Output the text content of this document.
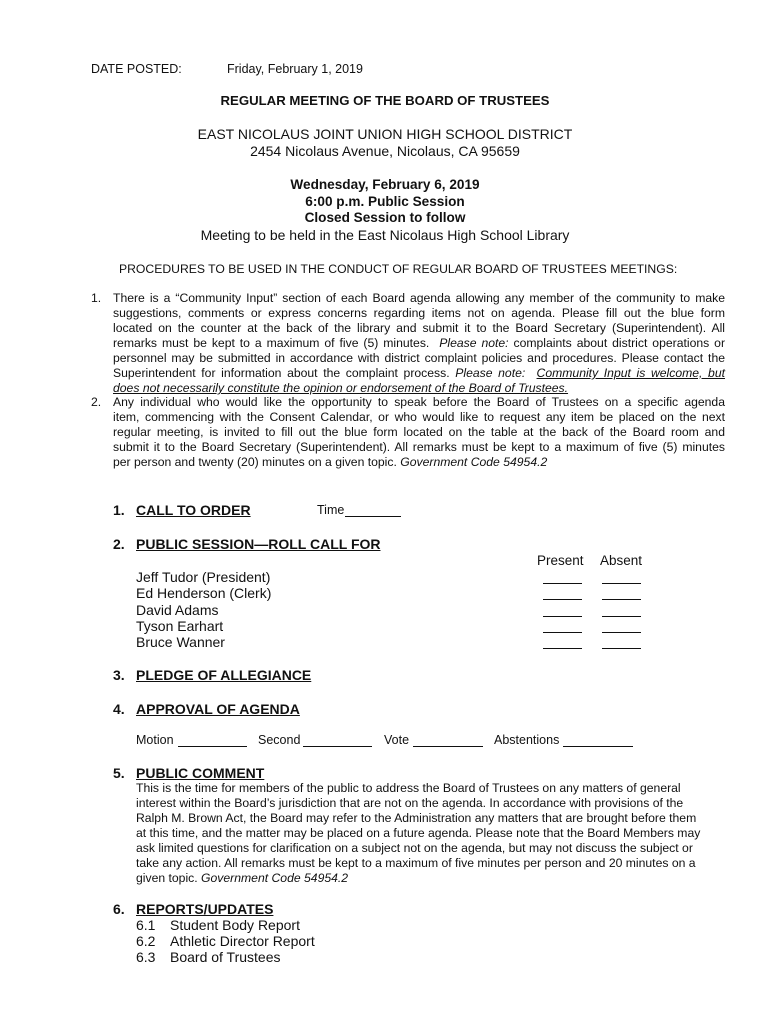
DATE POSTED:	Friday, February 1, 2019
REGULAR MEETING OF THE BOARD OF TRUSTEES
EAST NICOLAUS JOINT UNION HIGH SCHOOL DISTRICT
2454 Nicolaus Avenue, Nicolaus, CA 95659
Wednesday, February 6, 2019
6:00 p.m. Public Session
Closed Session to follow
Meeting to be held in the East Nicolaus High School Library
PROCEDURES TO BE USED IN THE CONDUCT OF REGULAR BOARD OF TRUSTEES MEETINGS:
1. There is a “Community Input” section of each Board agenda allowing any member of the community to make
suggestions, comments or express concerns regarding items not on agenda. Please fill out the blue form
located on the counter at the back of the library and submit it to the Board Secretary (Superintendent). All
remarks must be kept to a maximum of five (5) minutes. Please note: complaints about district operations or
personnel may be submitted in accordance with district complaint policies and procedures. Please contact the
Superintendent for information about the complaint process. Please note: Community Input is welcome, but
does not necessarily constitute the opinion or endorsement of the Board of Trustees.
2. Any individual who would like the opportunity to speak before the Board of Trustees on a specific agenda
item, commencing with the Consent Calendar, or who would like to request any item be placed on the next
regular meeting, is invited to fill out the blue form located on the table at the back of the Board room and
submit it to the Board Secretary (Superintendent). All remarks must be kept to a maximum of five (5) minutes
per person and twenty (20) minutes on a given topic. Government Code 54954.2
1. CALL TO ORDER	Time
2. PUBLIC SESSION—ROLL CALL FOR
Present Absent
Jeff Tudor (President)
Ed Henderson (Clerk)
David Adams
Tyson Earhart
Bruce Wanner
3. PLEDGE OF ALLEGIANCE
4. APPROVAL OF AGENDA
Motion	Second	Vote	Abstentions
5. PUBLIC COMMENT
This is the time for members of the public to address the Board of Trustees on any matters of general
interest within the Board’s jurisdiction that are not on the agenda. In accordance with provisions of the
Ralph M. Brown Act, the Board may refer to the Administration any matters that are brought before them
at this time, and the matter may be placed on a future agenda. Please note that the Board Members may
ask limited questions for clarification on a subject not on the agenda, but may not discuss the subject or
take any action. All remarks must be kept to a maximum of five minutes per person and 20 minutes on a
given topic. Government Code 54954.2
6. REPORTS/UPDATES
6.1 Student Body Report
6.2 Athletic Director Report
6.3 Board of Trustees
